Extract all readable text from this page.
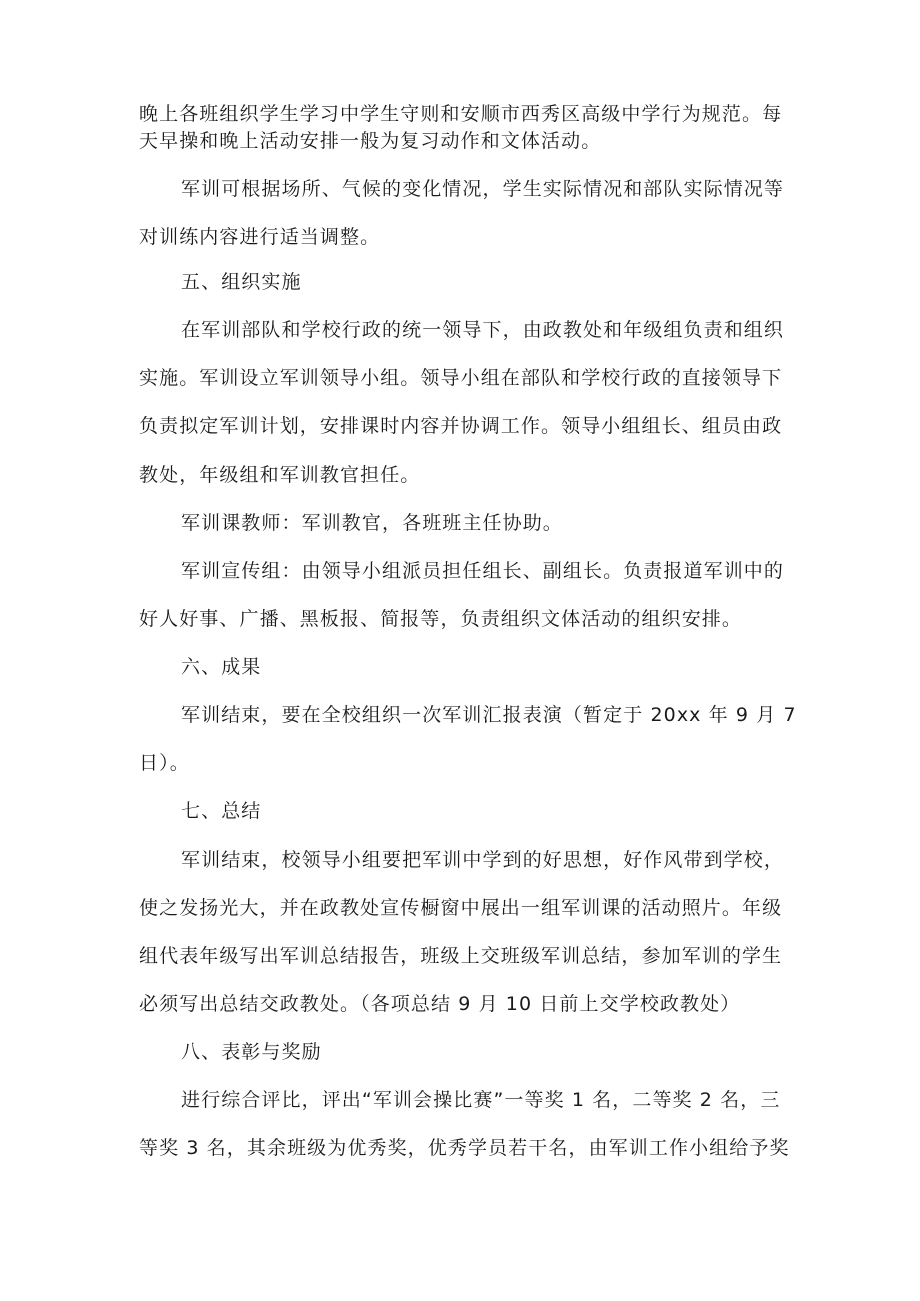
晚上各班组织学生学习中学生守则和安顺市西秀区高级中学行为规范。每
天早操和晚上活动安排一般为复习动作和文体活动。
军训可根据场所、气候的变化情况，学生实际情况和部队实际情况等
对训练内容进行适当调整。
五、组织实施
在军训部队和学校行政的统一领导下，由政教处和年级组负责和组织
实施。军训设立军训领导小组。领导小组在部队和学校行政的直接领导下
负责拟定军训计划，安排课时内容并协调工作。领导小组组长、组员由政
教处，年级组和军训教官担任。
军训课教师：军训教官，各班班主任协助。
军训宣传组：由领导小组派员担任组长、副组长。负责报道军训中的
好人好事、广播、黑板报、简报等，负责组织文体活动的组织安排。
六、成果
军训结束，要在全校组织一次军训汇报表演（暂定于 20xx 年 9 月 7
日）。
七、总结
军训结束，校领导小组要把军训中学到的好思想，好作风带到学校，
使之发扬光大，并在政教处宣传橱窗中展出一组军训课的活动照片。年级
组代表年级写出军训总结报告，班级上交班级军训总结，参加军训的学生
必须写出总结交政教处。（各项总结 9 月 10 日前上交学校政教处）
八、表彰与奖励
进行综合评比，评出“军训会操比赛”一等奖 1 名，二等奖 2 名，三
等奖 3 名，其余班级为优秀奖，优秀学员若干名，由军训工作小组给予奖
